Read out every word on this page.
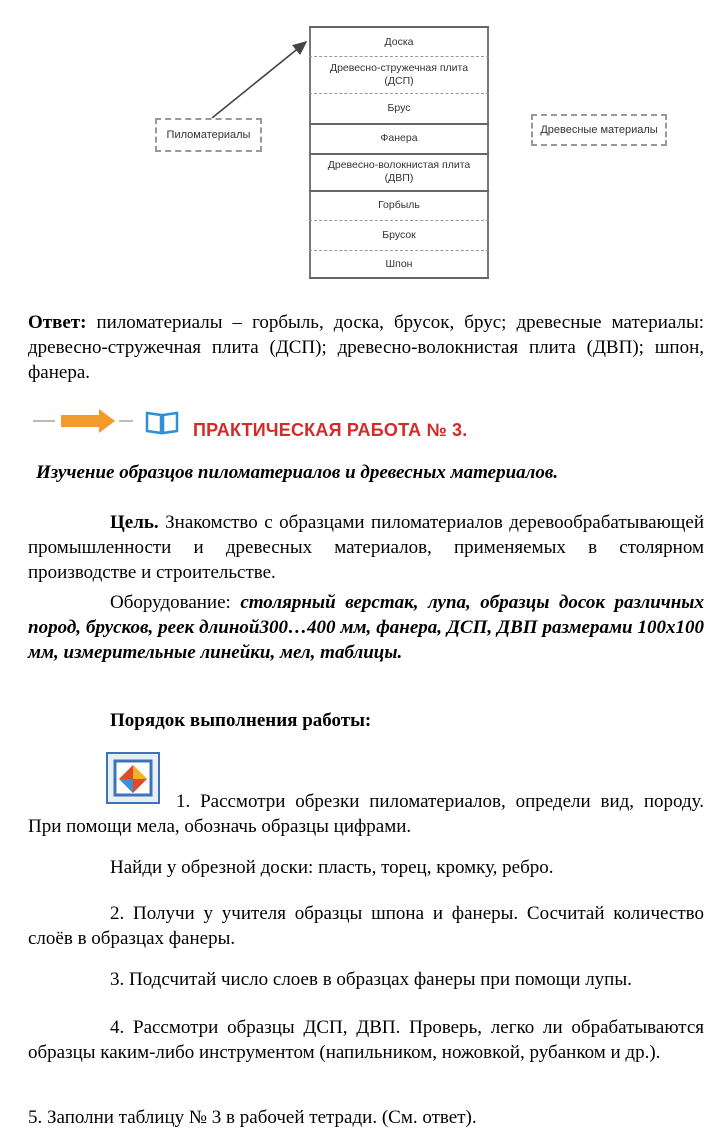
Доска
Древесно-стружечная плита (ДСП)
Брус
Фанера
Древесно-волокнистая плита (ДВП)
Горбыль
Брусок
Шпон
Пиломатериалы	Древесные материалы
Ответ: пиломатериалы – горбыль, доска, брусок, брус; древесные материалы: древесно-стружечная плита (ДСП); древесно-волокнистая плита (ДВП); шпон, фанера.
ПРАКТИЧЕСКАЯ РАБОТА № 3.
Изучение образцов пиломатериалов и древесных материалов.
Цель. Знакомство с образцами пиломатериалов деревообрабатывающей промышленности и древесных материалов, применяемых в столярном производстве и строительстве.
Оборудование: столярный верстак, лупа, образцы досок различных пород, брусков, реек длиной300…400 мм, фанера, ДСП, ДВП размерами 100х100 мм, измерительные линейки, мел, таблицы.
Порядок выполнения работы:
1. Рассмотри обрезки пиломатериалов, определи вид, породу. При помощи мела, обозначь образцы цифрами.
Найди у обрезной доски: пласть, торец, кромку, ребро.
2. Получи у учителя образцы шпона и фанеры. Сосчитай количество слоёв в образцах фанеры.
3. Подсчитай число слоев в образцах фанеры при помощи лупы.
4. Рассмотри образцы ДСП, ДВП. Проверь, легко ли обрабатываются образцы каким-либо инструментом (напильником, ножовкой, рубанком и др.).
5. Заполни таблицу № 3 в рабочей тетради. (См. ответ).
